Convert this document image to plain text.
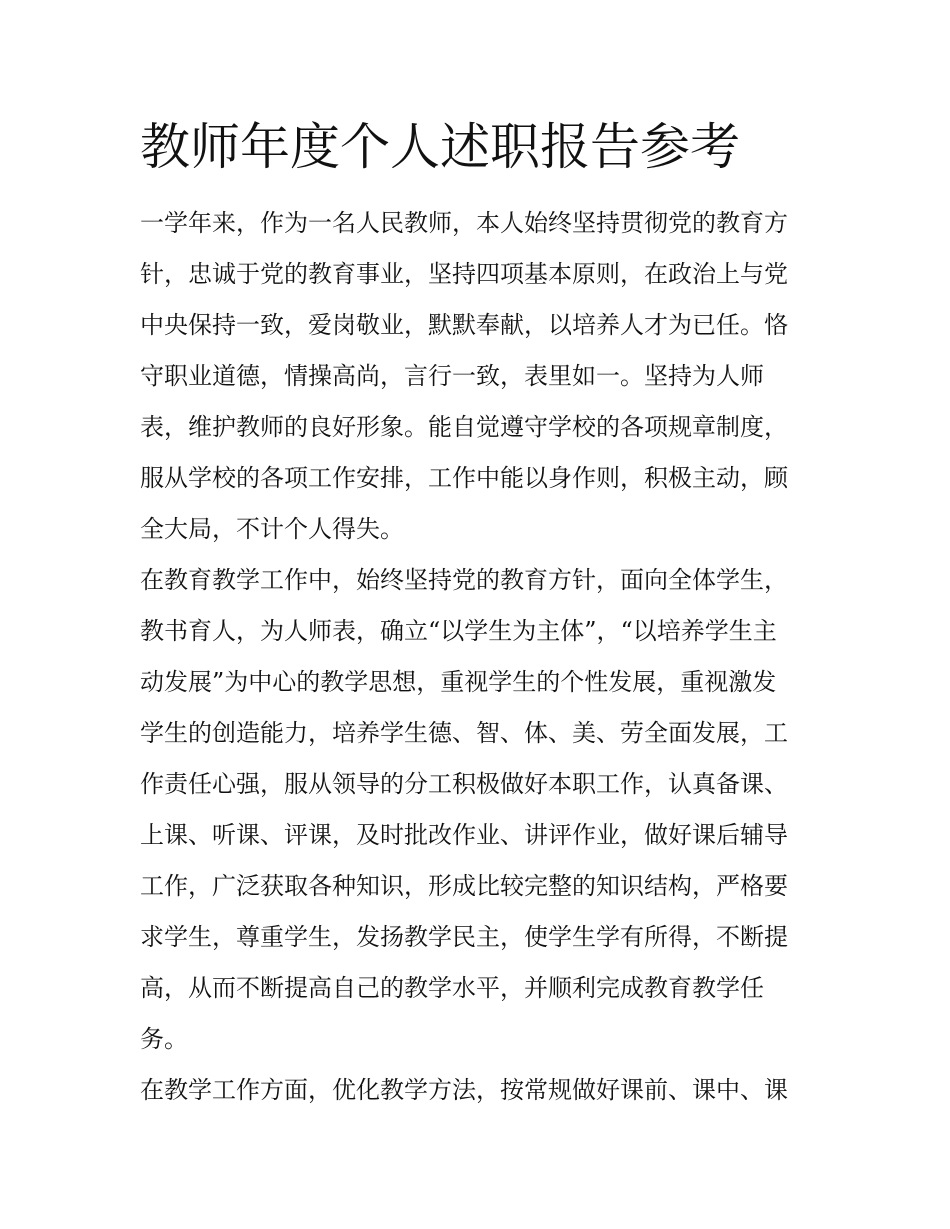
教师年度个人述职报告参考
一学年来，作为一名人民教师，本人始终坚持贯彻党的教育方
针，忠诚于党的教育事业，坚持四项基本原则，在政治上与党
中央保持一致，爱岗敬业，默默奉献，以培养人才为已任。恪
守职业道德，情操高尚，言行一致，表里如一。坚持为人师
表，维护教师的良好形象。能自觉遵守学校的各项规章制度，
服从学校的各项工作安排，工作中能以身作则，积极主动，顾
全大局，不计个人得失。
在教育教学工作中，始终坚持党的教育方针，面向全体学生，
教书育人，为人师表，确立“以学生为主体”，“以培养学生主
动发展”为中心的教学思想，重视学生的个性发展，重视激发
学生的创造能力，培养学生德、智、体、美、劳全面发展，工
作责任心强，服从领导的分工积极做好本职工作，认真备课、
上课、听课、评课，及时批改作业、讲评作业，做好课后辅导
工作，广泛获取各种知识，形成比较完整的知识结构，严格要
求学生，尊重学生，发扬教学民主，使学生学有所得，不断提
高，从而不断提高自己的教学水平，并顺利完成教育教学任
务。
在教学工作方面，优化教学方法，按常规做好课前、课中、课
